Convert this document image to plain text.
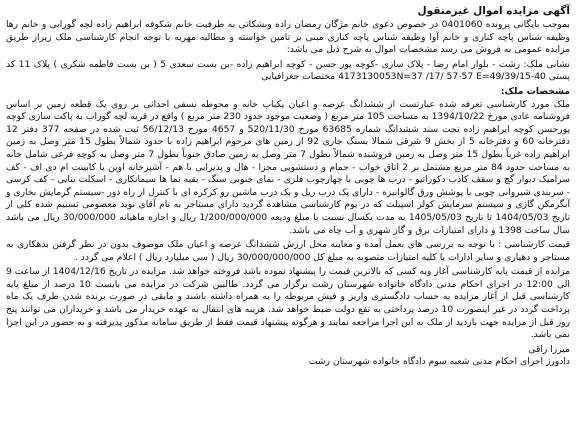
آگهی مزایده اموال غیرمنقول

بموجب بایگانی پرونده 0401060 در خصوص دعوی خانم مژگان رمضان زاده وبشکاتی به طرفیت خانم شکوفه ابراهیم زاده لچه گورابی و خانم رها وظیفه شناس پاچه کناری و خانم آوا وظیفه شناس پاچه کناری مبنی بر تامین خواسته و مطالبه مهریه با توجه انجام کارشناسی ملک زیراز طریق مزایده عمومی به فروش می رسد مشخصات اموال به شرح ذیل می باشد:

نشانی ملک: رشت - بلوار امام رضا - پلاک سازی -کوچه پور حسن - کوچه ابراهیم زاده -بن بست سعدی 5 ( بن بست فاطمه شکری ) پلاک 11 کد پستی 4173130053N=37 /17/ 57-57 E=49/39/15-40 مختصات جغرافیایی

مشخصات ملک:

ملک مورد کارشناسی تعرفه شده عبارتست از ششدانگ عرصه و اعیان یکباب خانه و محوطه نسقی احداثی بر روی یک قطعه زمین بر اساس فروشنامه عادی مورخ 1394/10/22 به مساحت 105 متر مربع ( وضعیت موجود حدود 230 متر مربع ) واقع در قریه لچه گوراب به پاکت سازی کوچه پورحسن کوچه ابراهیم زاده تحت سند ششدانگ شماره 63685 مورخ 520/11/30 و 4657 مورخ 56/12/13 ثبت شده در صفحه 377 دفتر 12 دفترخانه 60 و دفترخانه 5 از بخش 9 شرقی شمالا بسنگ جاری 92 از زمین های مرحوم ابراهیم زاده با حدود شمالاً بطول 15 متر وصل به زمین ابراهیم زاده غرباً بطول 15 متر وصل به زمین فروشنده شمالاً بطول 7 متر وصل به زمین صادق جنوباً بطول 7 متر وصل به کوچه فرعی شامل خانه به مساحت حدود 84 متر مربع مشتمل بر 2 اتاق خواب - حمام و دستشویی مجزا - هال و پذیرایی با هم - آشپزخانه اوپن با کابینت ام دی اف - کف سرامیک دیوار گچ و سقف کاذب دکوراتیو - درب ها چوبی با چهارچوب فلزی - نمای جنوبی سنگ - بقیه نما ها سیمانکاری - اسکلت بنایی - کف کرسی - سربندی شیروانی چوبی با پوشش ورق گالوانیزه - دارای یک درب ریل و یک درب ماشین رو کرکره ای با کنترل از راه دور -سیستم گرمایش بخاری و آبگرمکن گازی و سیستم سرمایش کولر اسپیلت که در یوم کارشناسی مشاهده گردید دارای مستاجر به نام آقای نوید معصومی تسنیم شده کلی از تاریخ 1404/05/03 تا تاریخ 1405/05/03 به مدت یکسال نسبت با مبلغ ودیعه 1/200/000/000 ریال و اجاره ماهیانه 30/000/000 ریال می باشد سال ساخت 1398 و دارای امتیازات برق و گاز شهری و آب چاه می باشد.

قیمت کارشناسی : با توجه به بررسی های بعمل آمده و معاینه محل ارزش ششدانگ عرصه و اعیان ملک موصوف بدون در نظر گرفتن بدهکاری به مستاجر و دهیاری و سایر ادارات با کلیه امتیازات متصوبه به مبلغ کل 30/000/000/000 ریال ( سی میلیارد ریال ) اعلام می گردد .

مزایده از قیمت پایه کارشناسی آغاز وبه کسی که بالاترین قیمت را پیشنهاد نموده باشد فروخته خواهد شد. مزایده در تاریخ 1404/12/16 از ساعت 9 الی 12:00 در اجرای احکام مدنی دادگاه خانواده شهرستان رشت برگزار می گردد. طالبین شرکت در مزایده می بایست 10 درصد از مبلغ پایه کارشناسی قبل از آغاز مزایده به حساب دادگستری واریز و فیش مربوطه را به همراه داشته باشند و مابقی در صورت برنده شدن ظرف یک ماه پرداخت گردد در غیر اینصورت 10 درصد پرداختی به نفع دولت ضبط خواهد شد. هزینه های انتقال به عهده خریدار می باشد و خریداران می توانند پنج روز قبل از مزایده جهت بازدید از ملک به این اجرا مراجعه نمایند و هرگونه پیشنهاد قیمت فقط از طریق سامانه مذکور پذیرفته و به حضور در این اجرا نمی باشد.

میرزا زاقی
دادورز اجرای احکام مدنی شعبه سوم دادگاه خانواده شهرستان رشت
